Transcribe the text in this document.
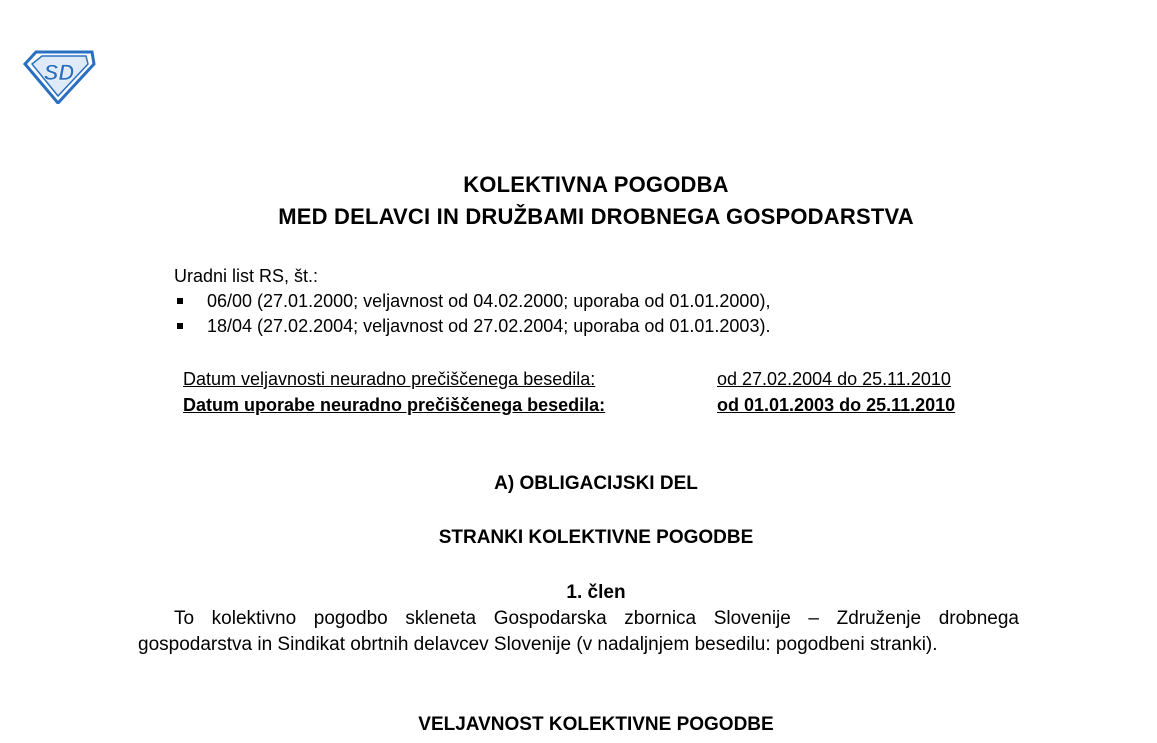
SD
KOLEKTIVNA POGODBA
MED DELAVCI IN DRUŽBAMI DROBNEGA GOSPODARSTVA
Uradni list RS, št.:
06/00 (27.01.2000; veljavnost od 04.02.2000; uporaba od 01.01.2000),
18/04 (27.02.2004; veljavnost od 27.02.2004; uporaba od 01.01.2003).
Datum veljavnosti neuradno prečiščenega besedila:	od 27.02.2004 do 25.11.2010
Datum uporabe neuradno prečiščenega besedila:	od 01.01.2003 do 25.11.2010
A) OBLIGACIJSKI DEL
STRANKI KOLEKTIVNE POGODBE
1. člen
To kolektivno pogodbo skleneta Gospodarska zbornica Slovenije – Združenje drobnega gospodarstva in Sindikat obrtnih delavcev Slovenije (v nadaljnjem besedilu: pogodbeni stranki).
VELJAVNOST KOLEKTIVNE POGODBE
